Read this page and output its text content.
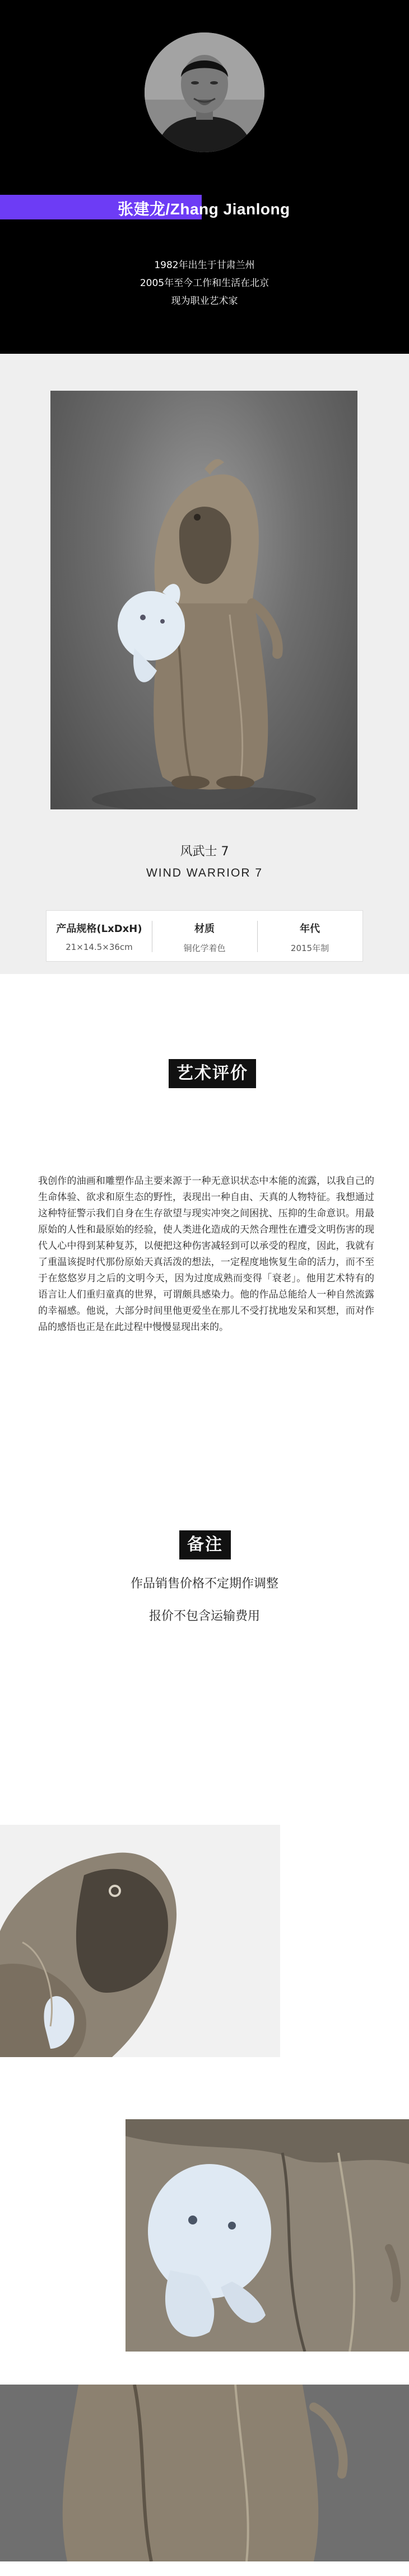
张建龙/Zhang Jianlong
1982年出生于甘肃兰州
2005年至今工作和生活在北京
现为职业艺术家
风武士 7
WIND WARRIOR 7
产品规格(LxDxH)
21×14.5×36cm
材质
铜化学着色
年代
2015年制
艺术评价
我创作的油画和雕塑作品主要来源于一种无意识状态中本能的流露，以我自己的生命体验、欲求和原生态的野性，表现出一种自由、天真的人物特征。我想通过这种特征警示我们自身在生存欲望与现实冲突之间困扰、压抑的生命意识。用最原始的人性和最原始的经验，使人类进化造成的天然合理性在遭受文明伤害的现代人心中得到某种复苏，以便把这种伤害减轻到可以承受的程度，因此，我就有了重温该捉时代那份原始天真活泼的想法，一定程度地恢复生命的活力，而不至于在悠悠岁月之后的文明今天，因为过度成熟而变得「衰老」。他用艺术特有的语言让人们重归童真的世界，可谓颇具感染力。他的作品总能给人一种自然流露的幸福感。他说，大部分时间里他更爱坐在那儿不受打扰地发呆和冥想，而对作品的感悟也正是在此过程中慢慢显现出来的。
备注
作品销售价格不定期作调整
报价不包含运输费用
